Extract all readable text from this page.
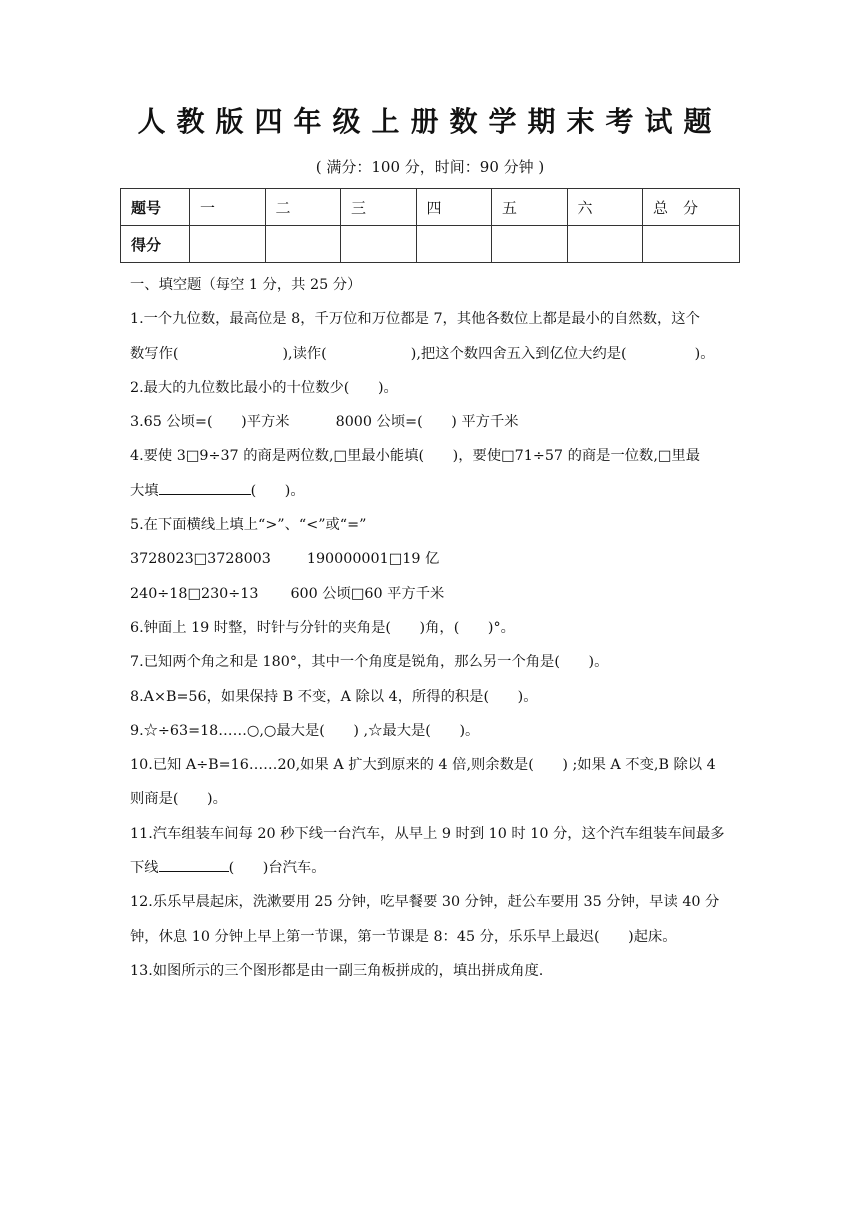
人教版四年级上册数学期末考试题
( 满分：100 分，时间：90 分钟 )
题号	一	二	三	四	五	六	总　分
得分							
一、填空题（每空 1 分，共 25 分）
1.一个九位数，最高位是 8，千万位和万位都是 7，其他各数位上都是最小的自然数，这个
数写作(	),读作(	),把这个数四舍五入到亿位大约是(	)。
2.最大的九位数比最小的十位数少(　　)。
3.65 公顷=(　　)平方米	8000 公顷=(　　) 平方千米
4.要使 3□9÷37 的商是两位数,□里最小能填(　　)，要使□71÷57 的商是一位数,□里最
大填	(　　)。
5.在下面横线上填上“>”、“<”或“=”
3728023□3728003	190000001□19 亿
240÷18□230÷13 600 公顷□60 平方千米
6.钟面上 19 时整，时针与分针的夹角是(　　)角，(　　)°。
7.已知两个角之和是 180°，其中一个角度是锐角，那么另一个角是(　　)。
8.A×B=56，如果保持 B 不变，A 除以 4，所得的积是(　　)。
9.☆÷63=18……○,○最大是(　　) ,☆最大是(　　)。
10.已知 A÷B=16……20,如果 A 扩大到原来的 4 倍,则余数是(　　) ;如果 A 不变,B 除以 4
则商是(　　)。
11.汽车组装车间每 20 秒下线一台汽车，从早上 9 时到 10 时 10 分，这个汽车组装车间最多
下线	(　　)台汽车。
12.乐乐早晨起床，洗漱要用 25 分钟，吃早餐要 30 分钟，赶公车要用 35 分钟，早读 40 分
钟，休息 10 分钟上早上第一节课，第一节课是 8：45 分，乐乐早上最迟(　　)起床。
13.如图所示的三个图形都是由一副三角板拼成的，填出拼成角度.
